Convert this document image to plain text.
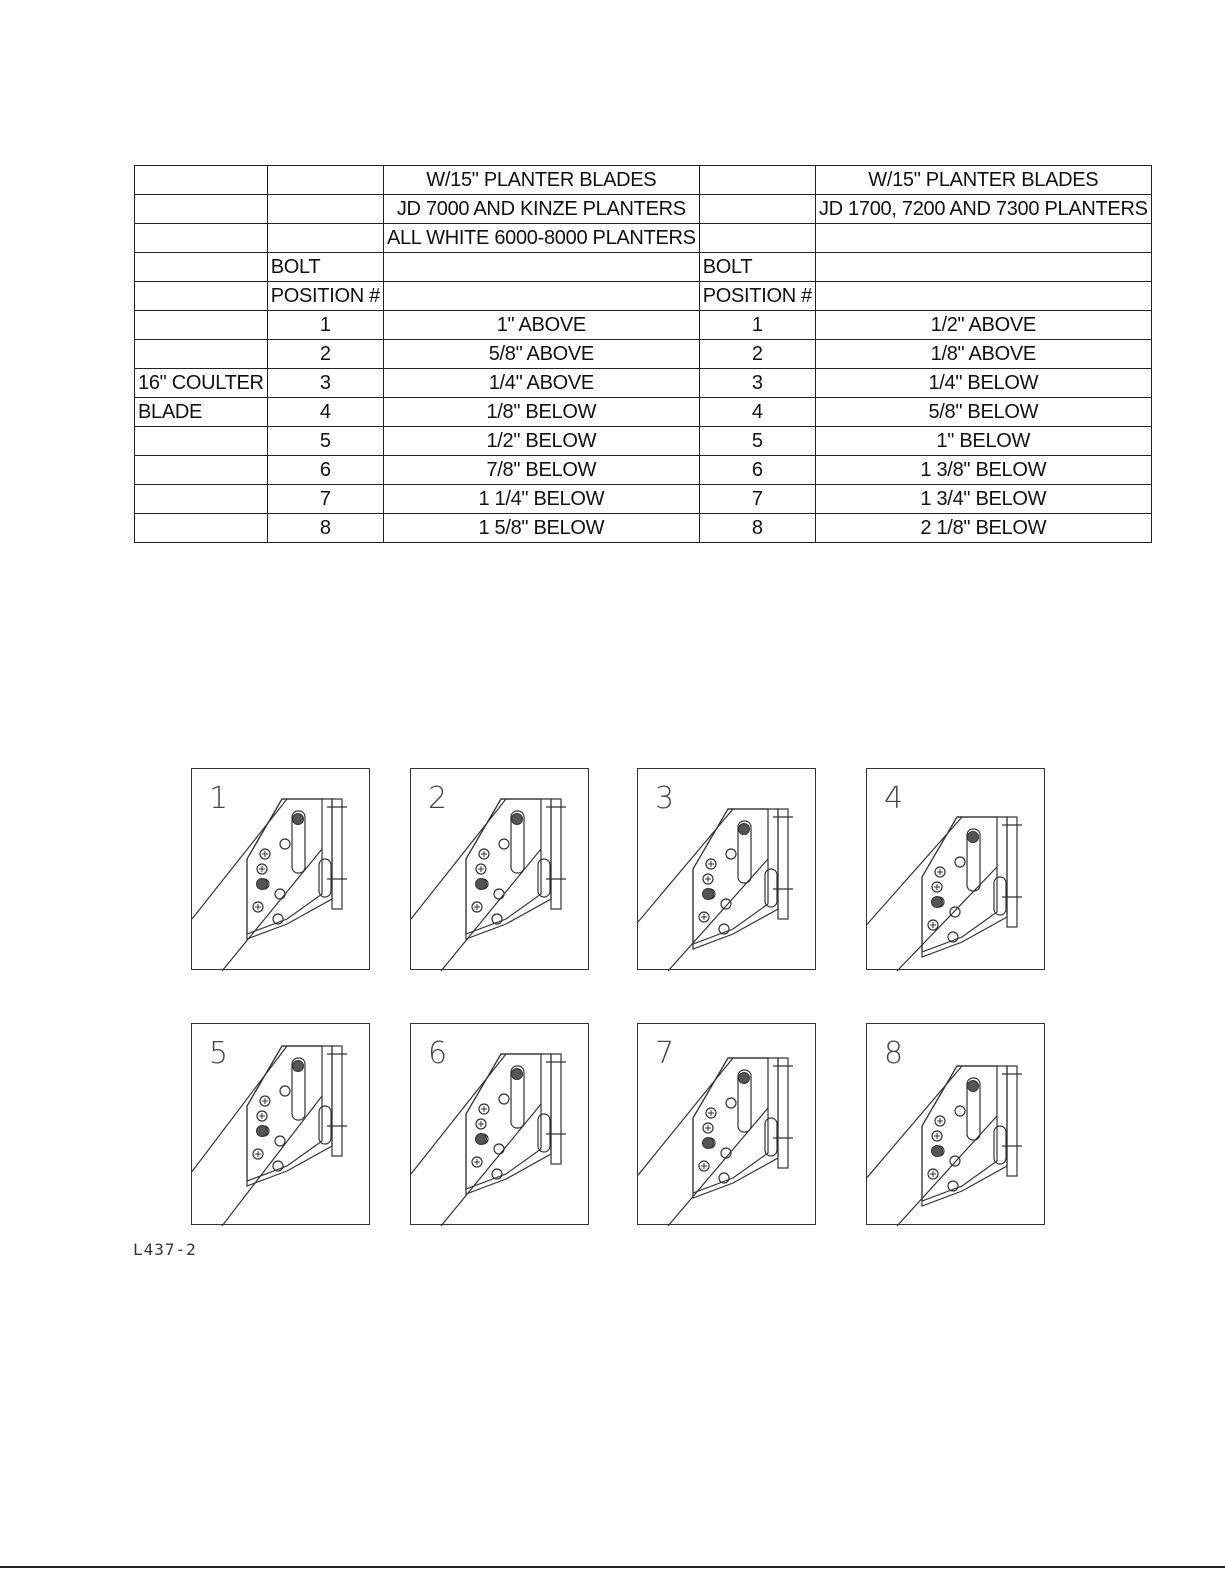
		W/15" PLANTER BLADES		W/15" PLANTER BLADES
		JD 7000 AND KINZE PLANTERS		JD 1700, 7200 AND 7300 PLANTERS
		ALL WHITE 6000-8000 PLANTERS		
	BOLT		BOLT	
	POSITION #		POSITION #	
	1	1" ABOVE	1	1/2" ABOVE
	2	5/8" ABOVE	2	1/8" ABOVE
16" COULTER	3	1/4" ABOVE	3	1/4" BELOW
BLADE	4	1/8" BELOW	4	5/8" BELOW
	5	1/2" BELOW	5	1" BELOW
	6	7/8" BELOW	6	1 3/8" BELOW
	7	1 1/4" BELOW	7	1 3/4" BELOW
	8	1 5/8" BELOW	8	2 1/8" BELOW
1	2	3	4
5	6	7	8
L437-2
